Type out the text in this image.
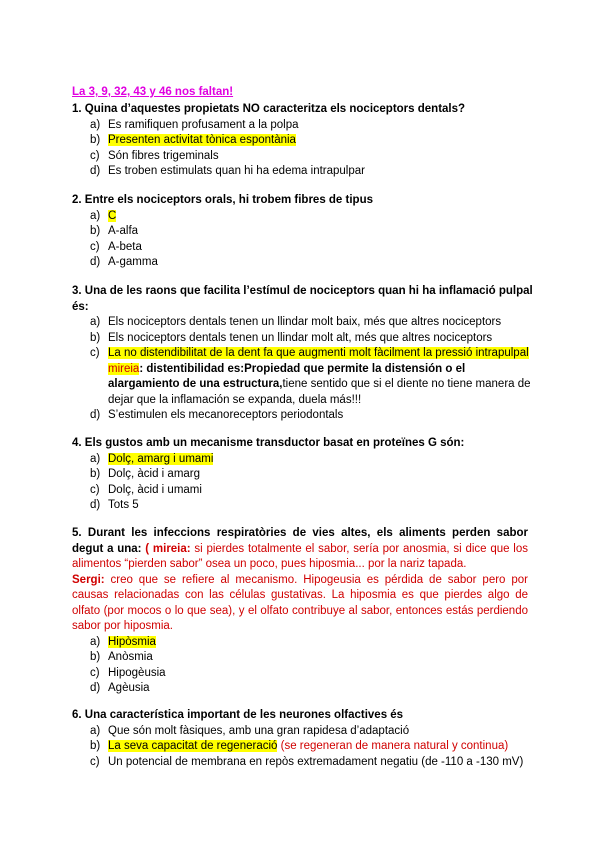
La 3, 9, 32, 43 y 46 nos faltan!
1. Quina d’aquestes propietats NO caracteritza els nociceptors dentals?
a) Es ramifiquen profusament a la polpa
b) Presenten activitat tònica espontània
c) Són fibres trigeminals
d) Es troben estimulats quan hi ha edema intrapulpar
2. Entre els nociceptors orals, hi trobem fibres de tipus
a) C
b) A-alfa
c) A-beta
d) A-gamma
3. Una de les raons que facilita l’estímul de nociceptors quan hi ha inflamació pulpal és:
a) Els nociceptors dentals tenen un llindar molt baix, més que altres nociceptors
b) Els nociceptors dentals tenen un llindar molt alt, més que altres nociceptors
c) La no distendibilitat de la dent fa que augmenti molt fàcilment la pressió intrapulpal mireia: distentibilidad es:Propiedad que permite la distensión o el alargamiento de una estructura,tiene sentido que si el diente no tiene manera de dejar que la inflamación se expanda, duela más!!!
d) S’estimulen els mecanoreceptors periodontals
4. Els gustos amb un mecanisme transductor basat en proteïnes G són:
a) Dolç, amarg i umami
b) Dolç, àcid i amarg
c) Dolç, àcid i umami
d) Tots 5
5. Durant les infeccions respiratòries de vies altes, els aliments perden sabor degut a una: ( mireia: si pierdes totalmente el sabor, sería por anosmia, si dice que los alimentos “pierden sabor” osea un poco, pues hiposmia... por la nariz tapada.
Sergi: creo que se refiere al mecanismo. Hipogeusia es pérdida de sabor pero por causas relacionadas con las células gustativas. La hiposmia es que pierdes algo de olfato (por mocos o lo que sea), y el olfato contribuye al sabor, entonces estás perdiendo sabor por hiposmia.
a) Hipòsmia
b) Anòsmia
c) Hipogèusia
d) Agèusia
6. Una característica important de les neurones olfactives és
a) Que són molt fàsiques, amb una gran rapidesa d’adaptació
b) La seva capacitat de regeneració (se regeneran de manera natural y continua)
c) Un potencial de membrana en repòs extremadament negatiu (de -110 a -130 mV)
